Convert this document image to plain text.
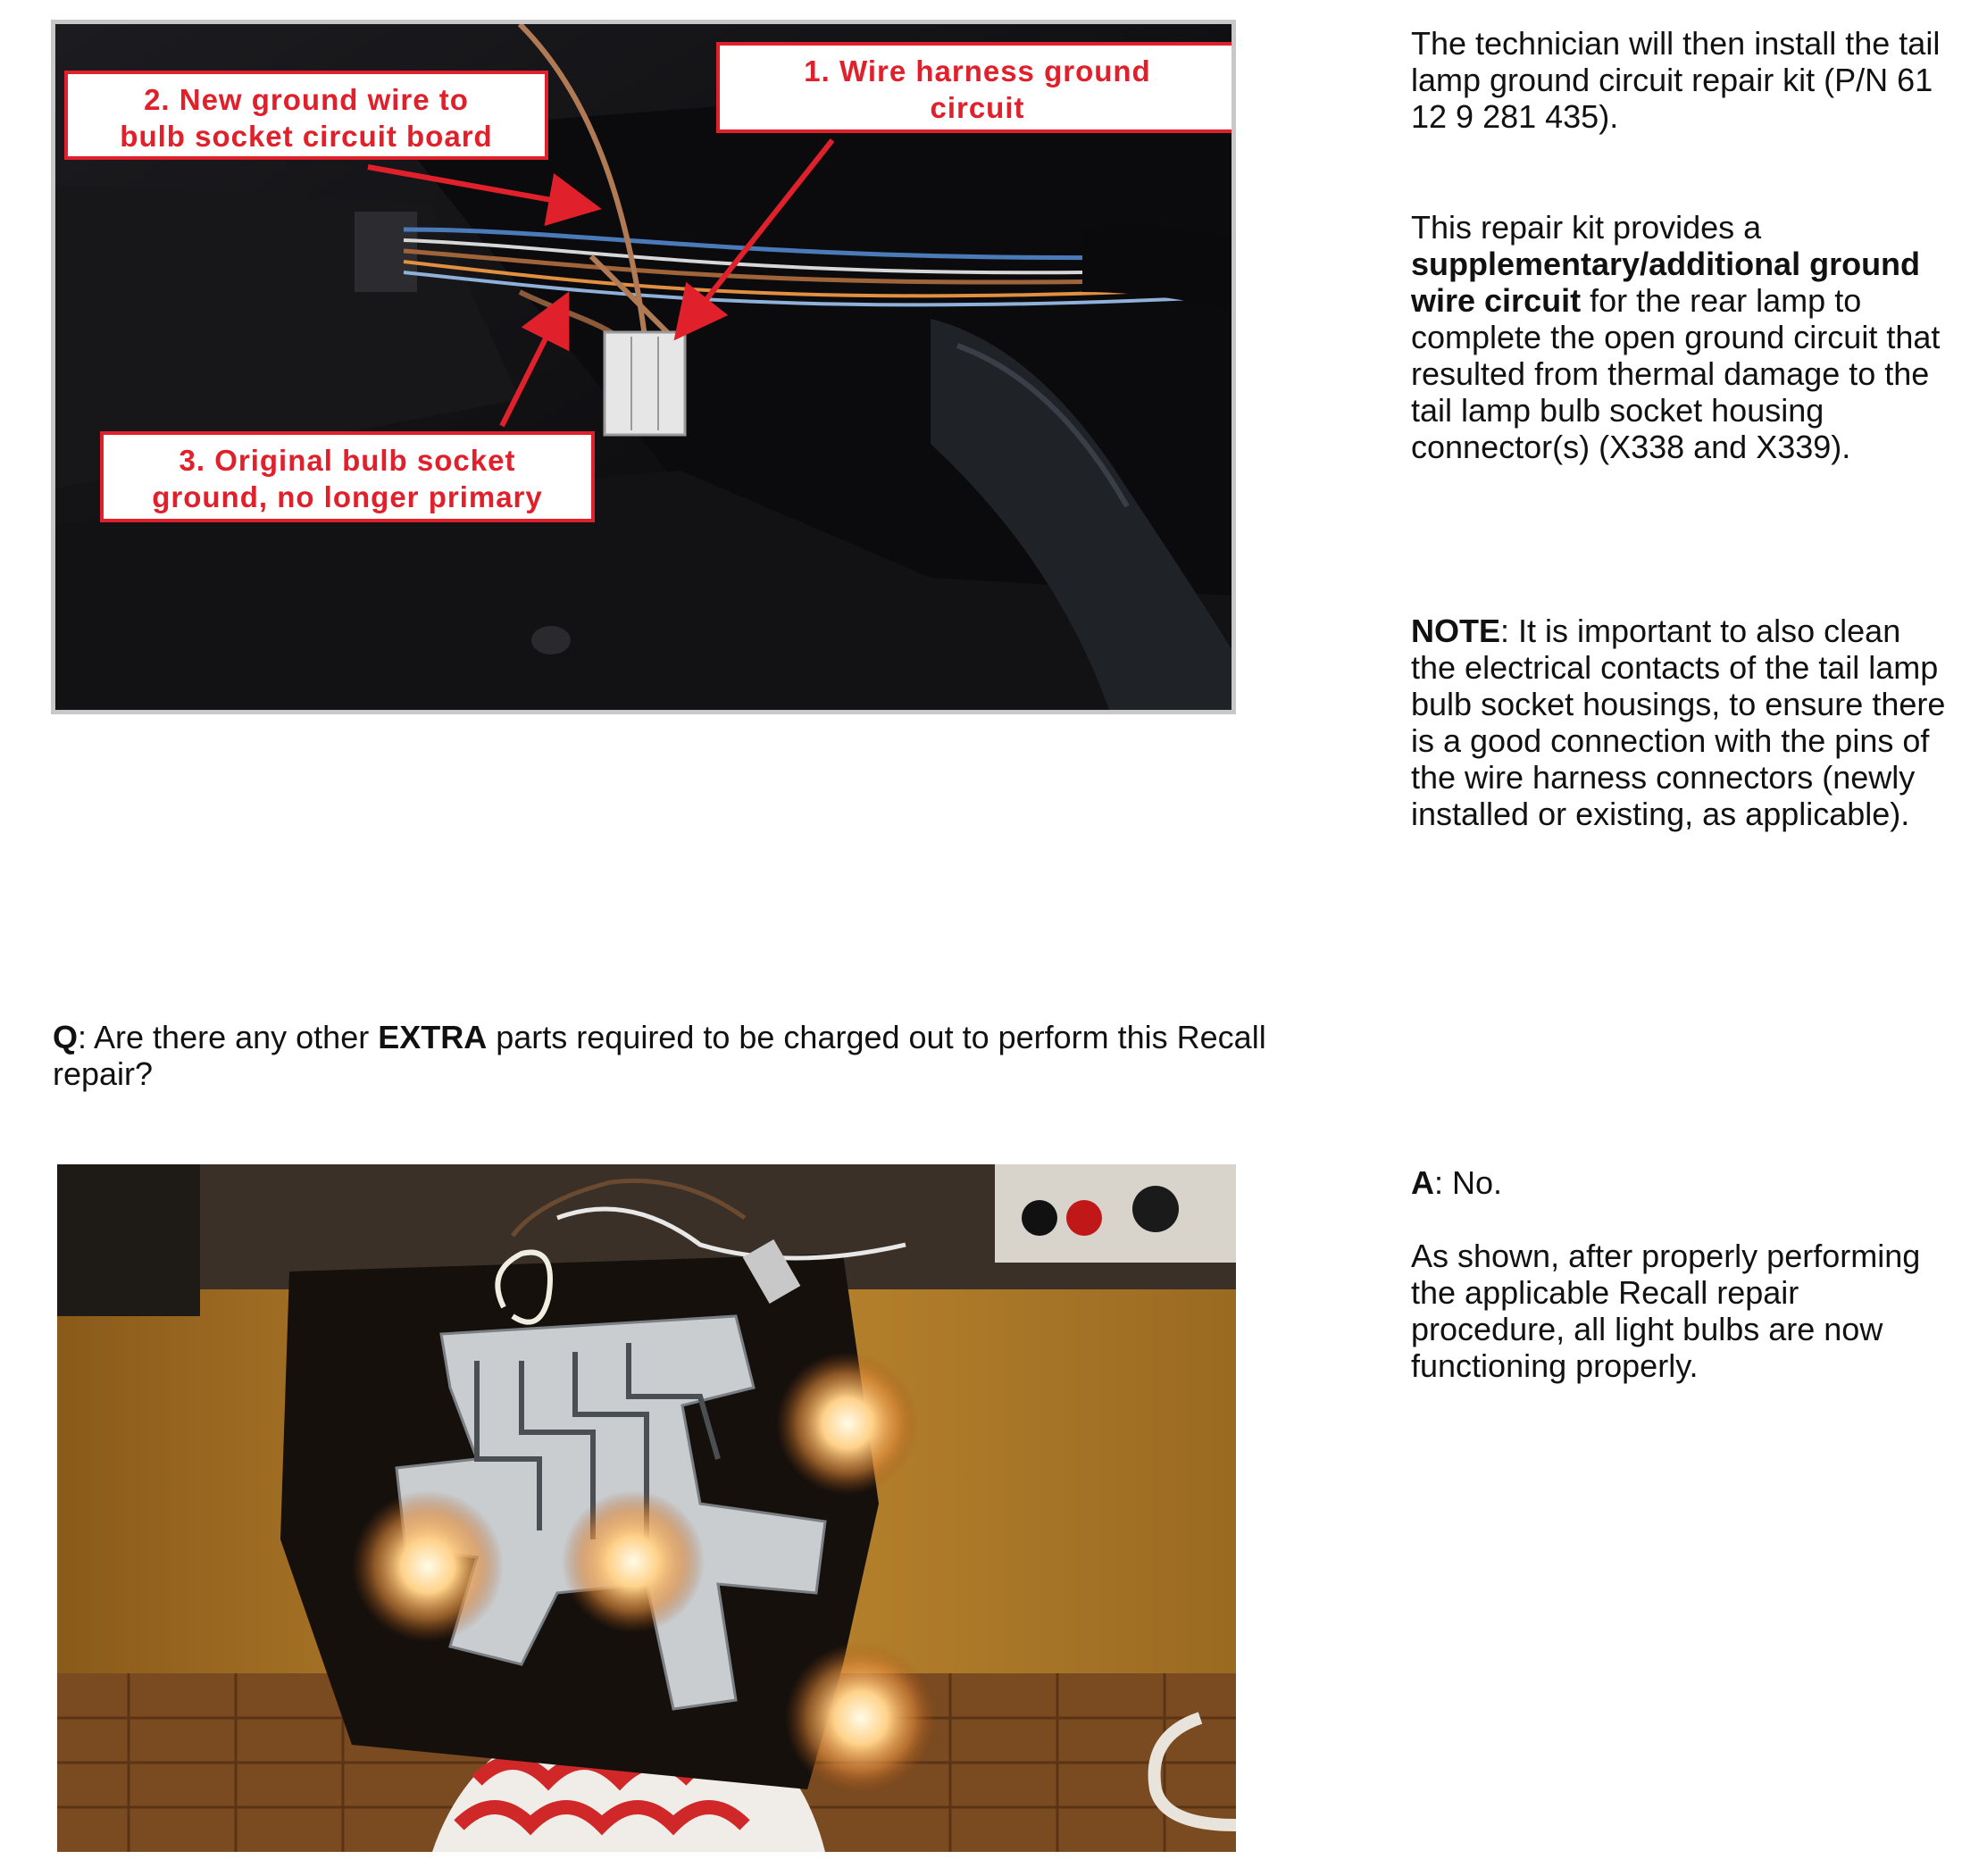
1. Wire harness ground
circuit
2. New ground wire to
bulb socket circuit board
3. Original bulb socket
ground, no longer primary

The technician will then install the tail lamp ground circuit repair kit (P/N 61 12 9 281 435).

This repair kit provides a supplementary/additional ground wire circuit for the rear lamp to complete the open ground circuit that resulted from thermal damage to the tail lamp bulb socket housing connector(s) (X338 and X339).

NOTE: It is important to also clean the electrical contacts of the tail lamp bulb socket housings, to ensure there is a good connection with the pins of the wire harness connectors (newly installed or existing, as applicable).

Q: Are there any other EXTRA parts required to be charged out to perform this Recall repair?

A: No.

As shown, after properly performing the applicable Recall repair procedure, all light bulbs are now functioning properly.
